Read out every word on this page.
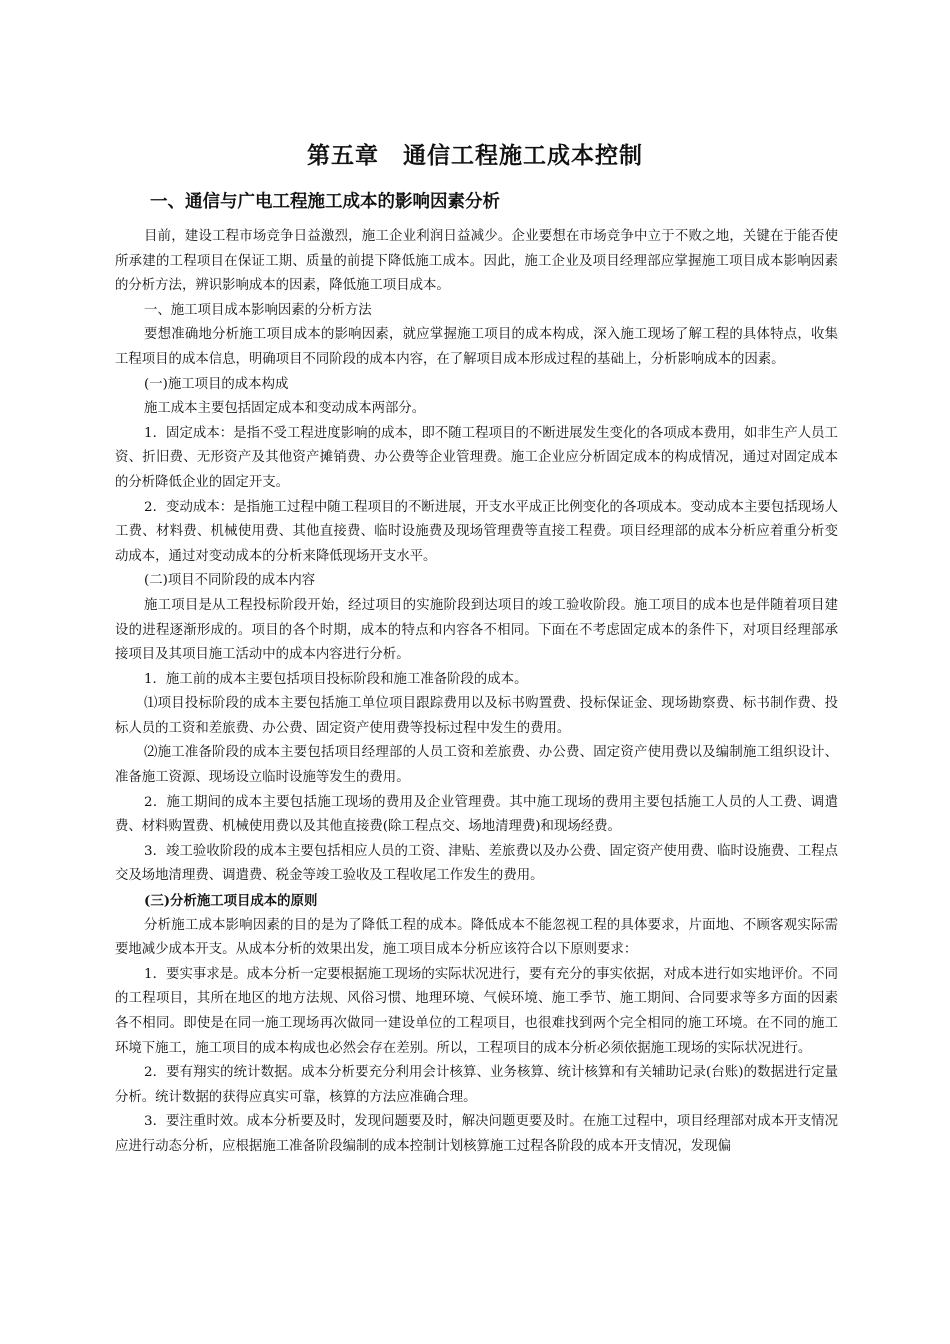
第五章　通信工程施工成本控制
一、通信与广电工程施工成本的影响因素分析

目前，建设工程市场竞争日益激烈，施工企业利润日益减少。企业要想在市场竞争中立于不败之地，关键在于能否使所承建的工程项目在保证工期、质量的前提下降低施工成本。因此，施工企业及项目经理部应掌握施工项目成本影响因素的分析方法，辨识影响成本的因素，降低施工项目成本。

一、施工项目成本影响因素的分析方法

要想准确地分析施工项目成本的影响因素，就应掌握施工项目的成本构成，深入施工现场了解工程的具体特点，收集工程项目的成本信息，明确项目不同阶段的成本内容，在了解项目成本形成过程的基础上，分析影响成本的因素。

(一)施工项目的成本构成

施工成本主要包括固定成本和变动成本两部分。

1．固定成本：是指不受工程进度影响的成本，即不随工程项目的不断进展发生变化的各项成本费用，如非生产人员工资、折旧费、无形资产及其他资产摊销费、办公费等企业管理费。施工企业应分析固定成本的构成情况，通过对固定成本的分析降低企业的固定开支。

2．变动成本：是指施工过程中随工程项目的不断进展，开支水平成正比例变化的各项成本。变动成本主要包括现场人工费、材料费、机械使用费、其他直接费、临时设施费及现场管理费等直接工程费。项目经理部的成本分析应着重分析变动成本，通过对变动成本的分析来降低现场开支水平。

(二)项目不同阶段的成本内容

施工项目是从工程投标阶段开始，经过项目的实施阶段到达项目的竣工验收阶段。施工项目的成本也是伴随着项目建设的进程逐渐形成的。项目的各个时期，成本的特点和内容各不相同。下面在不考虑固定成本的条件下，对项目经理部承接项目及其项目施工活动中的成本内容进行分析。

1．施工前的成本主要包括项目投标阶段和施工准备阶段的成本。

⑴项目投标阶段的成本主要包括施工单位项目跟踪费用以及标书购置费、投标保证金、现场勘察费、标书制作费、投标人员的工资和差旅费、办公费、固定资产使用费等投标过程中发生的费用。

⑵施工准备阶段的成本主要包括项目经理部的人员工资和差旅费、办公费、固定资产使用费以及编制施工组织设计、准备施工资源、现场设立临时设施等发生的费用。

2．施工期间的成本主要包括施工现场的费用及企业管理费。其中施工现场的费用主要包括施工人员的人工费、调遣费、材料购置费、机械使用费以及其他直接费(除工程点交、场地清理费)和现场经费。

3．竣工验收阶段的成本主要包括相应人员的工资、津贴、差旅费以及办公费、固定资产使用费、临时设施费、工程点交及场地清理费、调遣费、税金等竣工验收及工程收尾工作发生的费用。

(三)分析施工项目成本的原则

分析施工成本影响因素的目的是为了降低工程的成本。降低成本不能忽视工程的具体要求，片面地、不顾客观实际需要地减少成本开支。从成本分析的效果出发，施工项目成本分析应该符合以下原则要求：

1．要实事求是。成本分析一定要根据施工现场的实际状况进行，要有充分的事实依据，对成本进行如实地评价。不同的工程项目，其所在地区的地方法规、风俗习惯、地理环境、气候环境、施工季节、施工期间、合同要求等多方面的因素各不相同。即使是在同一施工现场再次做同一建设单位的工程项目，也很难找到两个完全相同的施工环境。在不同的施工环境下施工，施工项目的成本构成也必然会存在差别。所以，工程项目的成本分析必须依据施工现场的实际状况进行。

2．要有翔实的统计数据。成本分析要充分利用会计核算、业务核算、统计核算和有关辅助记录(台账)的数据进行定量分析。统计数据的获得应真实可靠，核算的方法应准确合理。

3．要注重时效。成本分析要及时，发现问题要及时，解决问题更要及时。在施工过程中，项目经理部对成本开支情况应进行动态分析，应根据施工准备阶段编制的成本控制计划核算施工过程各阶段的成本开支情况，发现偏
